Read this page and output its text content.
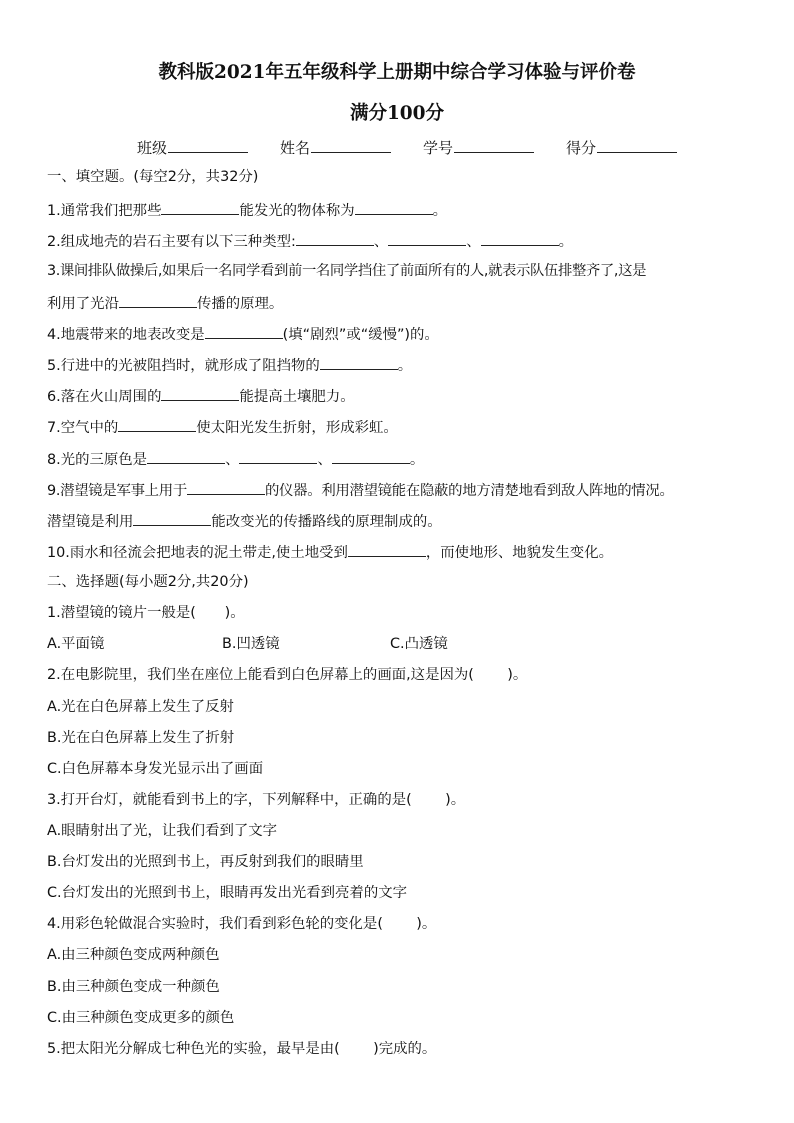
教科版2021年五年级科学上册期中综合学习体验与评价卷
满分100分
班级	姓名	学号	得分
一、填空题。(每空2分，共32分)
1.通常我们把那些	能发光的物体称为	。
2.组成地壳的岩石主要有以下三种类型:	、	、	。
3.课间排队做操后,如果后一名同学看到前一名同学挡住了前面所有的人,就表示队伍排整齐了,这是
利用了光沿	传播的原理。
4.地震带来的地表改变是	(填“剧烈”或“缓慢”)的。
5.行进中的光被阻挡时，就形成了阻挡物的	。
6.落在火山周围的	能提高土壤肥力。
7.空气中的	使太阳光发生折射，形成彩虹。
8.光的三原色是	、	、	。
9.潜望镜是军事上用于	的仪器。利用潜望镜能在隐蔽的地方清楚地看到敌人阵地的情况。
潜望镜是利用	能改变光的传播路线的原理制成的。
10.雨水和径流会把地表的泥土带走,使土地受到	，而使地形、地貌发生变化。
二、选择题(每小题2分,共20分)
1.潜望镜的镜片一般是(　　)。
A.平面镜	B.凹透镜	C.凸透镜
2.在电影院里，我们坐在座位上能看到白色屏幕上的画面,这是因为(　　 )。
A.光在白色屏幕上发生了反射
B.光在白色屏幕上发生了折射
C.白色屏幕本身发光显示出了画面
3.打开台灯，就能看到书上的字，下列解释中，正确的是(　　 )。
A.眼睛射出了光，让我们看到了文字
B.台灯发出的光照到书上，再反射到我们的眼睛里
C.台灯发出的光照到书上，眼睛再发出光看到亮着的文字
4.用彩色轮做混合实验时，我们看到彩色轮的变化是(　　 )。
A.由三种颜色变成两种颜色
B.由三种颜色变成一种颜色
C.由三种颜色变成更多的颜色
5.把太阳光分解成七种色光的实验，最早是由(　　 )完成的。
